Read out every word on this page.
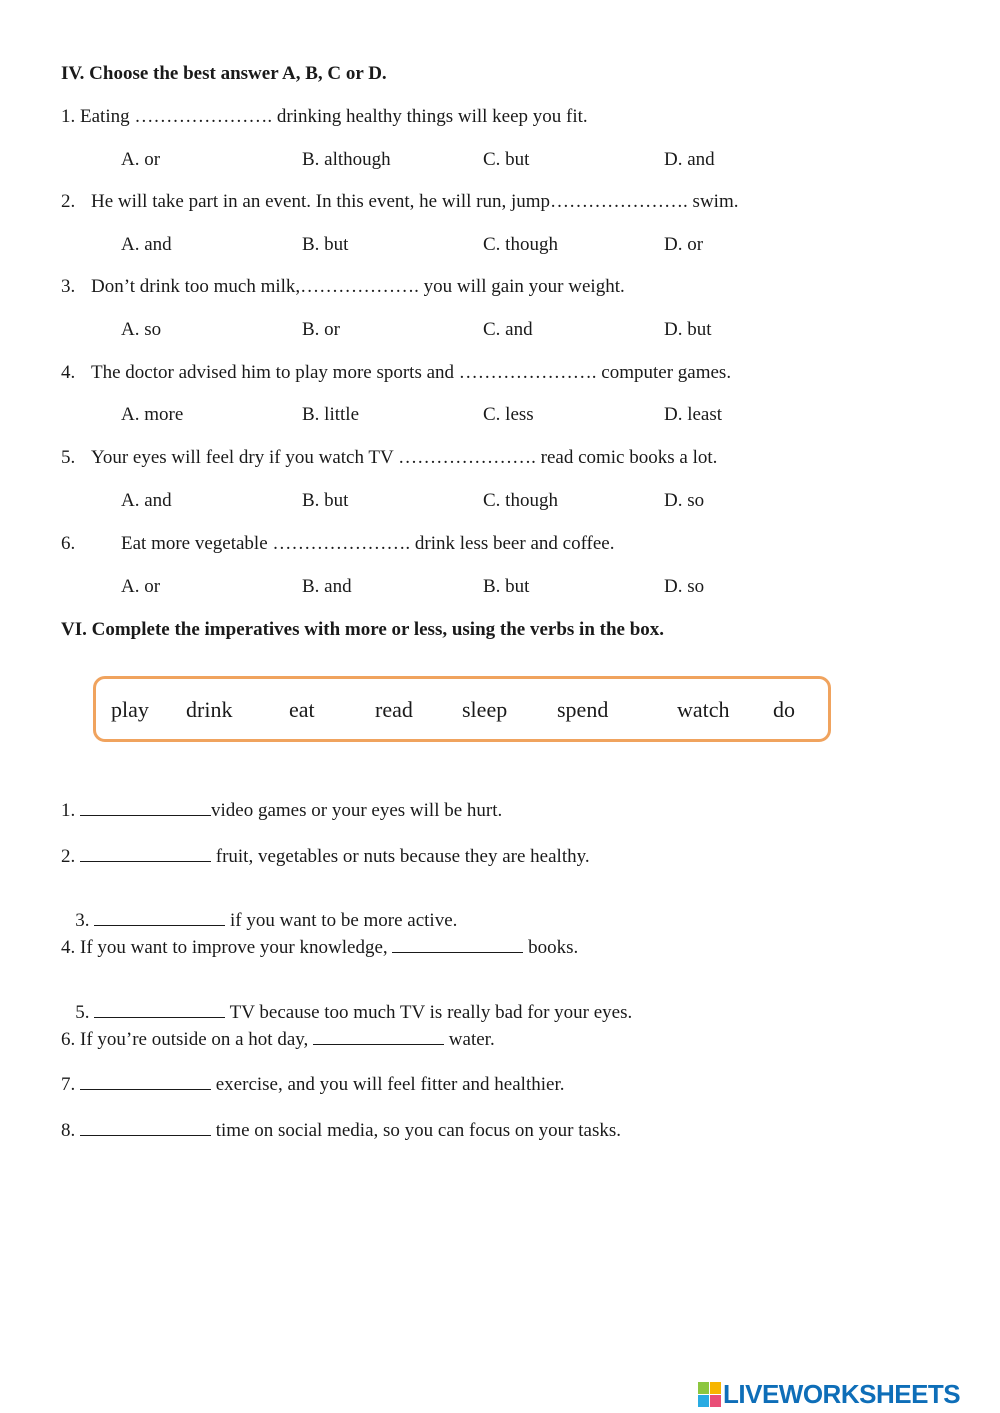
IV. Choose the best answer A, B, C or D.
1. Eating …………………. drinking healthy things will keep you fit.
A. or	B. although	C. but	D. and
2. He will take part in an event. In this event, he will run, jump…………………. swim.
A. and	B. but	C. though	D. or
3. Don’t drink too much milk,………………. you will gain your weight.
A. so	B. or	C. and	D. but
4. The doctor advised him to play more sports and …………………. computer games.
A. more	B. little	C. less	D. least
5. Your eyes will feel dry if you watch TV …………………. read comic books a lot.
A. and	B. but	C. though	D. so
6. Eat more vegetable …………………. drink less beer and coffee.
A. or	B. and	B. but	D. so
VI. Complete the imperatives with more or less, using the verbs in the box.
play drink	eat	read sleep spend	watch do
1.	video games or your eyes will be hurt.
2.	fruit, vegetables or nuts because they are healthy.

3.	if you want to be more active.

4. If you want to improve your knowledge,	books.

5.	TV because too much TV is really bad for your eyes.

6. If you’re outside on a hot day,	water.
7.	exercise, and you will feel fitter and healthier.
8.	time on social media, so you can focus on your tasks.
LIVEWORKSHEETS
